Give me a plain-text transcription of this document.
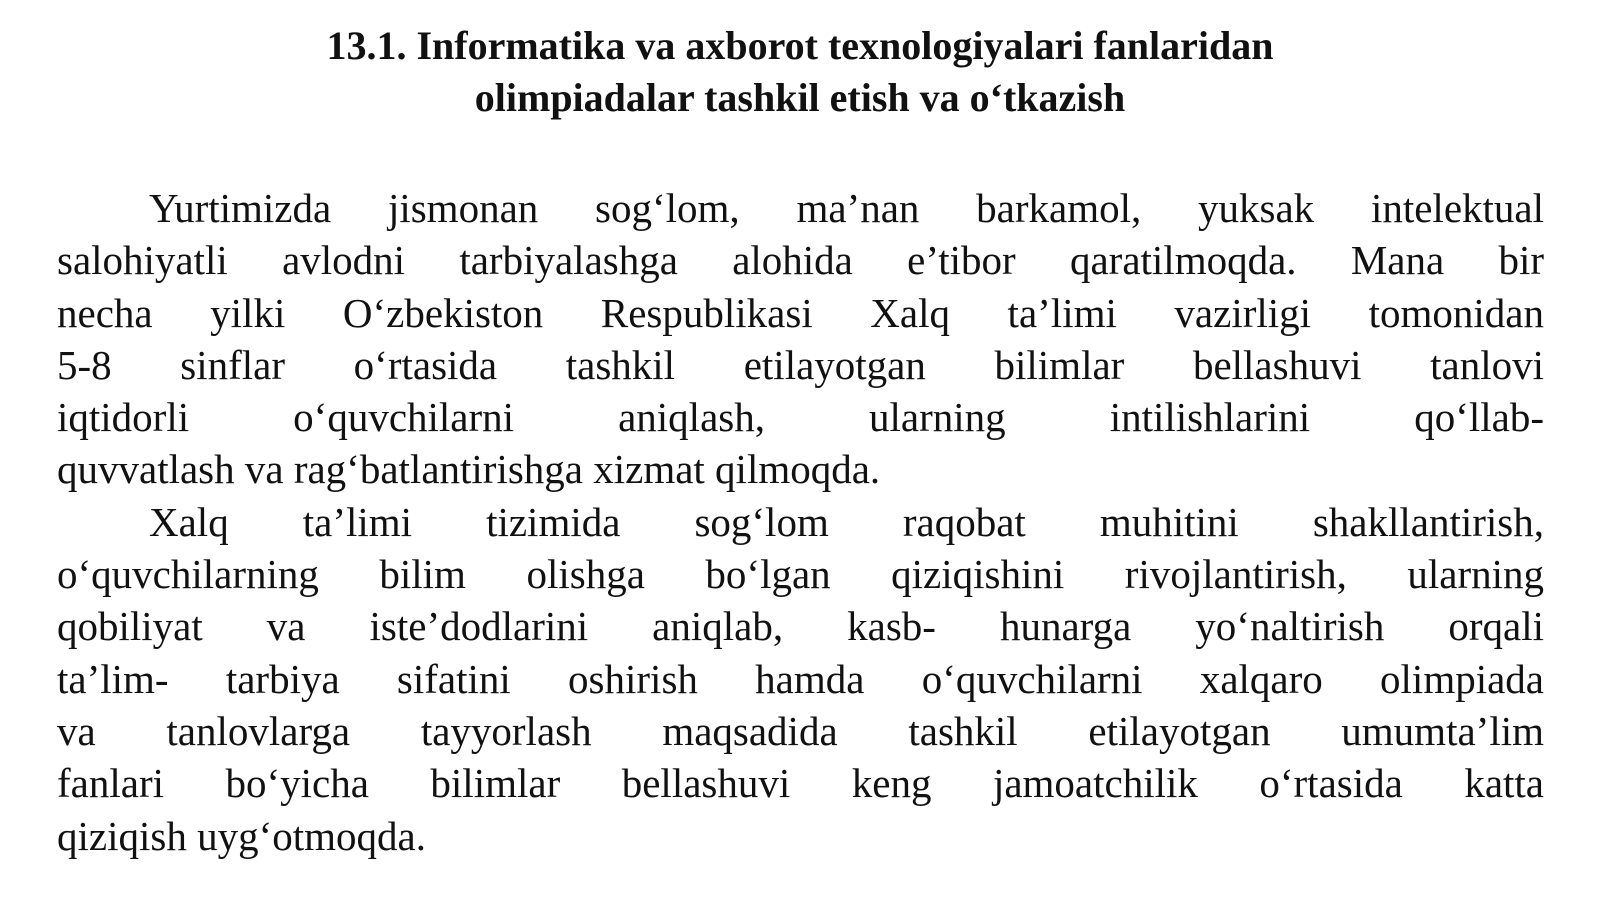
13.1. Informatika va axborot texnologiyalari fanlaridan
olimpiadalar tashkil etish va o‘tkazish
Yurtimizda jismonan sog‘lom, ma’nan barkamol, yuksak intelektual
salohiyatli avlodni tarbiyalashga alohida e’tibor qaratilmoqda. Mana bir
necha yilki O‘zbekiston Respublikasi Xalq ta’limi vazirligi tomonidan
5-8 sinflar o‘rtasida tashkil etilayotgan bilimlar bellashuvi tanlovi
iqtidorli o‘quvchilarni aniqlash, ularning intilishlarini qo‘llab-
quvvatlash va rag‘batlantirishga xizmat qilmoqda.
Xalq ta’limi tizimida sog‘lom raqobat muhitini shakllantirish,
o‘quvchilarning bilim olishga bo‘lgan qiziqishini rivojlantirish, ularning
qobiliyat va iste’dodlarini aniqlab, kasb- hunarga yo‘naltirish orqali
ta’lim- tarbiya sifatini oshirish hamda o‘quvchilarni xalqaro olimpiada
va tanlovlarga tayyorlash maqsadida tashkil etilayotgan umumta’lim
fanlari bo‘yicha bilimlar bellashuvi keng jamoatchilik o‘rtasida katta
qiziqish uyg‘otmoqda.
